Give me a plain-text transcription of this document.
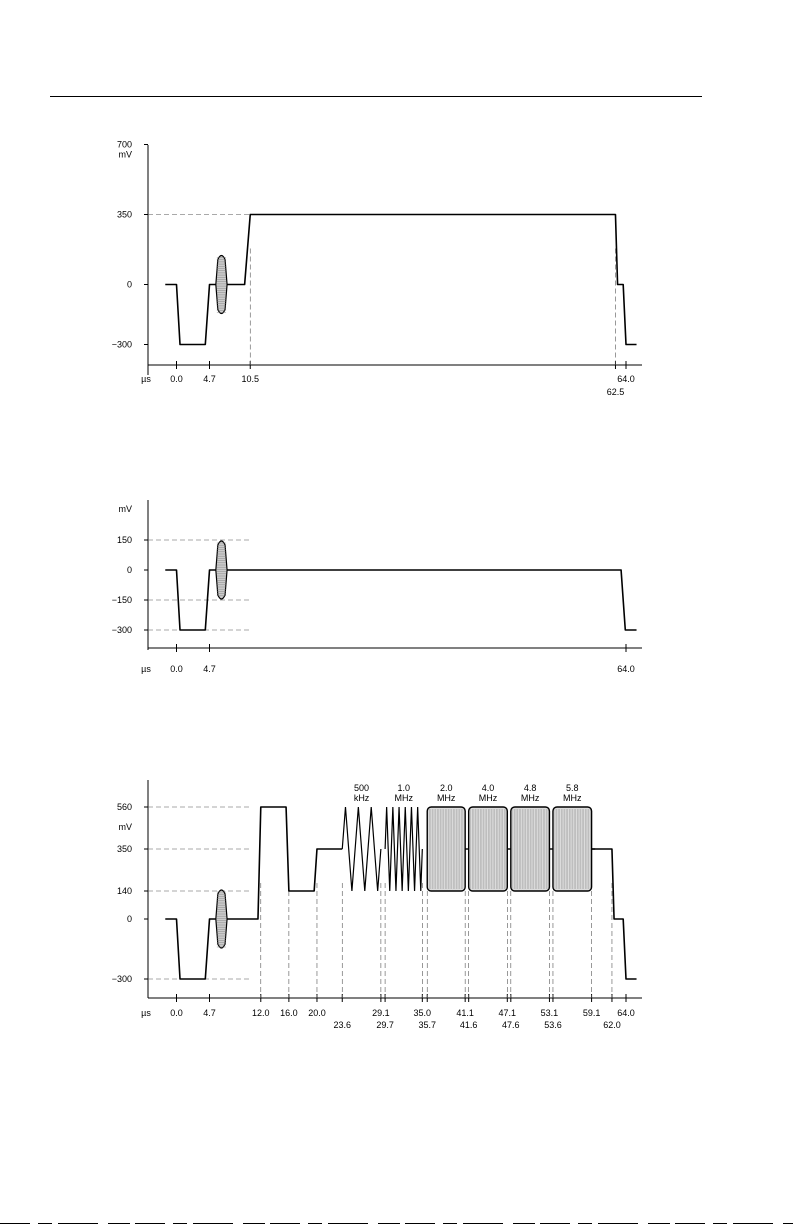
700
350
0
−300
mV
0.0 4.7	10.5
62.5
64.0
µs
150
0
−150
−300
mV
0.0 4.7	64.0
µs
560
350
140
0
−300
mV
0.0 4.7	12.0 16.0 20.0
23.6
29.1
29.7
35.0
35.7
41.1
41.6
47.1
47.6
53.1
53.6
59.1
62.0
64.0
µs
500
kHz
1.0
MHz
2.0
MHz
4.0
MHz
4.8
MHz
5.8
MHz
